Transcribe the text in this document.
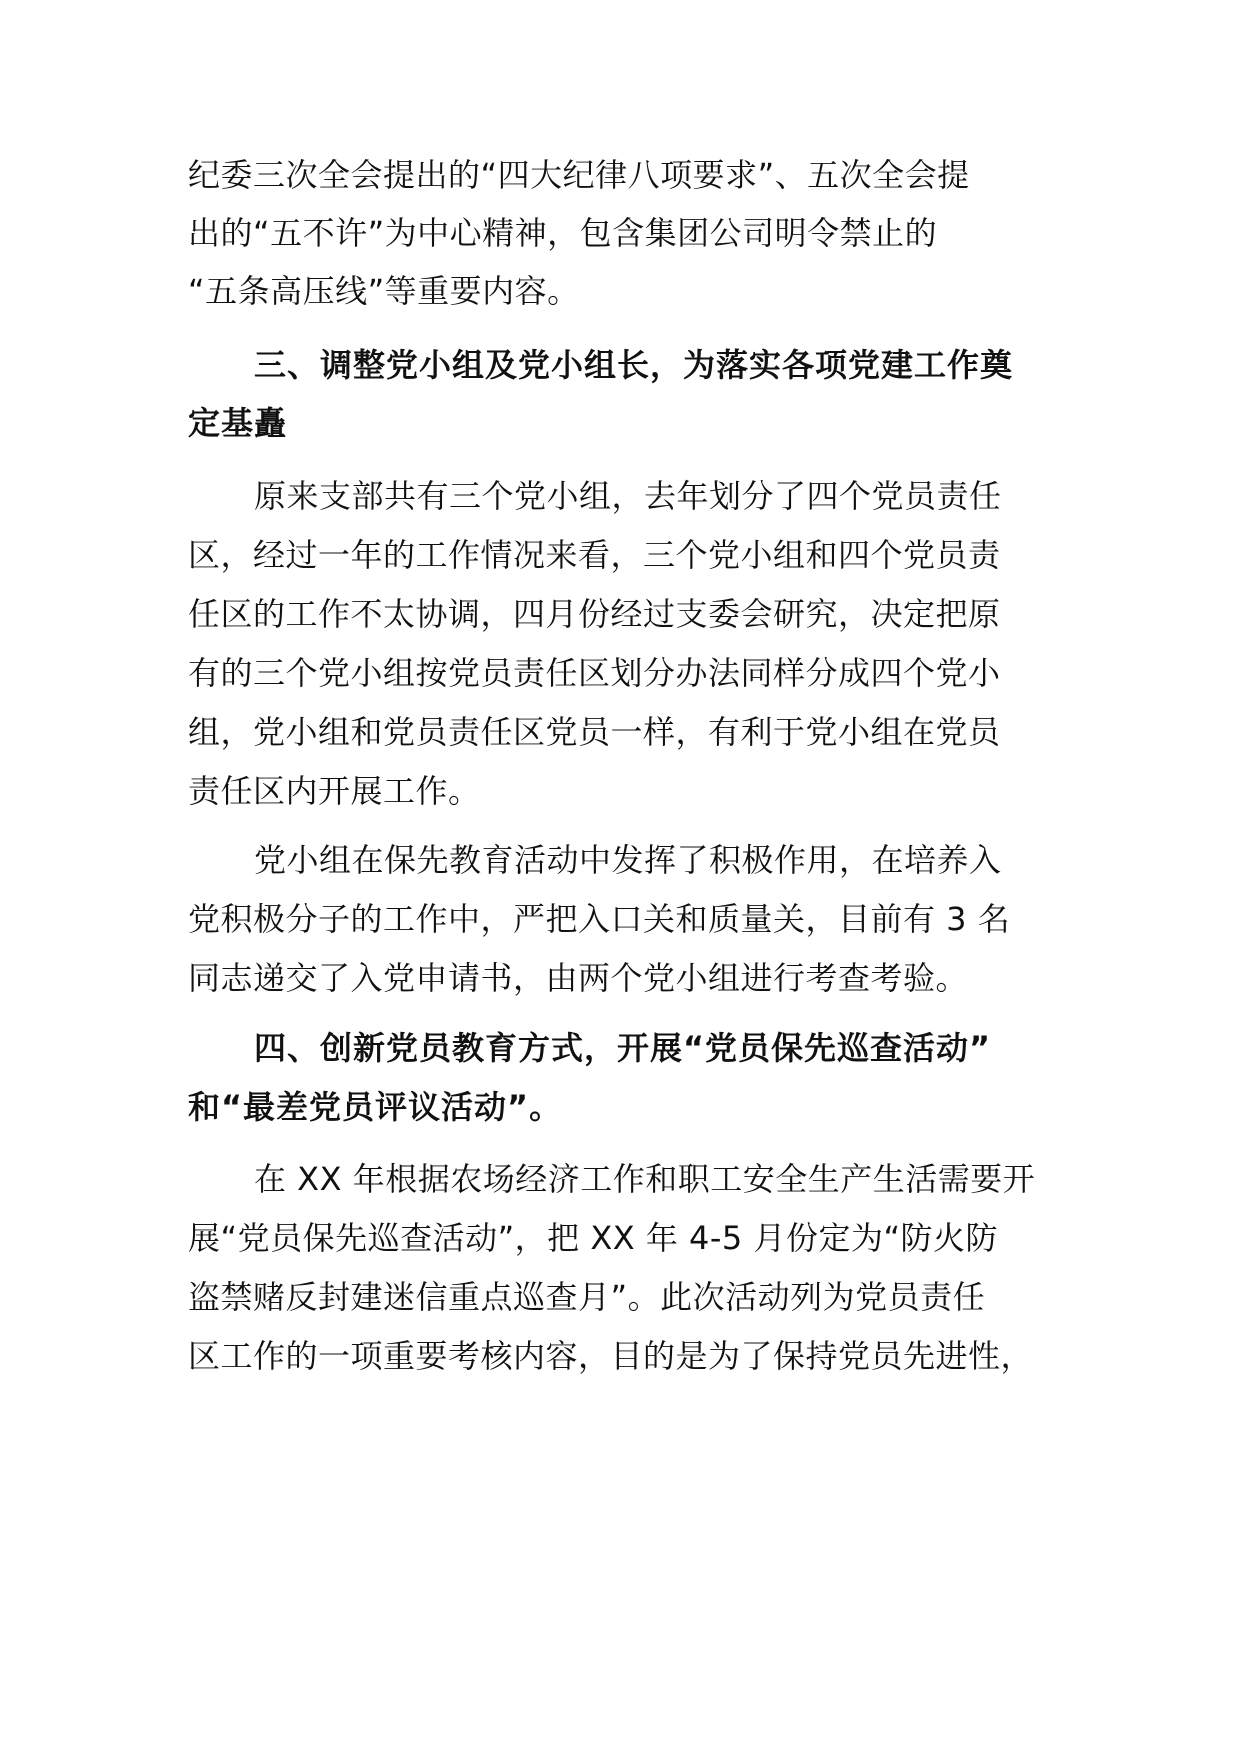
纪委三次全会提出的“四大纪律八项要求”、五次全会提
出的“五不许”为中心精神，包含集团公司明令禁止的
“五条高压线”等重要内容。
三、调整党小组及党小组长，为落实各项党建工作奠
定基矗
原来支部共有三个党小组，去年划分了四个党员责任
区，经过一年的工作情况来看，三个党小组和四个党员责
任区的工作不太协调，四月份经过支委会研究，决定把原
有的三个党小组按党员责任区划分办法同样分成四个党小
组，党小组和党员责任区党员一样，有利于党小组在党员
责任区内开展工作。
党小组在保先教育活动中发挥了积极作用，在培养入
党积极分子的工作中，严把入口关和质量关，目前有 3 名
同志递交了入党申请书，由两个党小组进行考查考验。
四、创新党员教育方式，开展“党员保先巡查活动”
和“最差党员评议活动”。
在 XX 年根据农场经济工作和职工安全生产生活需要开
展“党员保先巡查活动”，把 XX 年 4-5 月份定为“防火防
盗禁赌反封建迷信重点巡查月”。此次活动列为党员责任
区工作的一项重要考核内容，目的是为了保持党员先进性，
